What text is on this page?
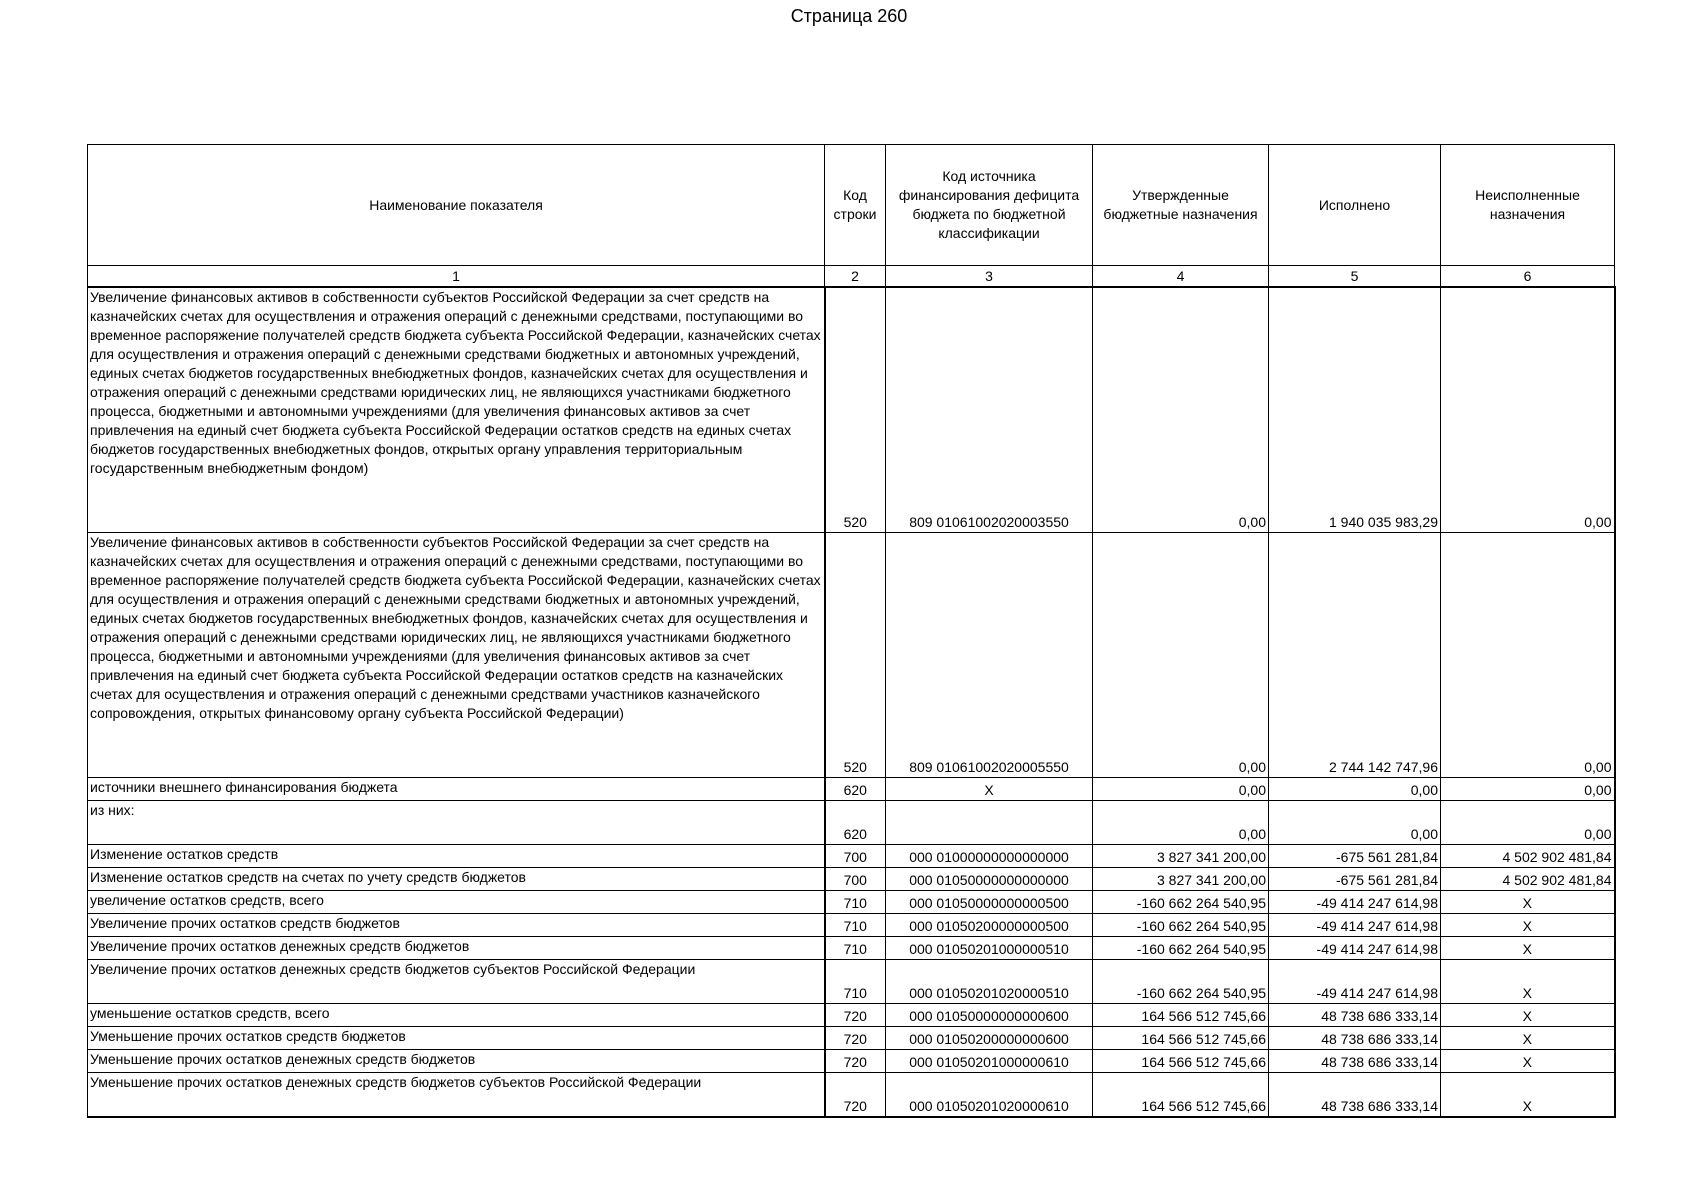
Страница 260
Наименование показателя	Код строки	Код источника финансирования дефицита бюджета по бюджетной классификации	Утвержденные бюджетные назначения	Исполнено	Неисполненные назначения
1	2	3	4	5	6
Увеличение финансовых активов в собственности субъектов Российской Федерации за счет средств на казначейских счетах для осуществления и отражения операций с денежными средствами, поступающими во временное распоряжение получателей средств бюджета субъекта Российской Федерации, казначейских счетах для осуществления и отражения операций с денежными средствами бюджетных и автономных учреждений, единых счетах бюджетов государственных внебюджетных фондов, казначейских счетах для осуществления и отражения операций с денежными средствами юридических лиц, не являющихся участниками бюджетного процесса, бюджетными и автономными учреждениями (для увеличения финансовых активов за счет привлечения на единый счет бюджета субъекта Российской Федерации остатков средств на единых счетах бюджетов государственных внебюджетных фондов, открытых органу управления территориальным государственным внебюджетным фондом)	520	809 01061002020003550	0,00	1 940 035 983,29	0,00
Увеличение финансовых активов в собственности субъектов Российской Федерации за счет средств на казначейских счетах для осуществления и отражения операций с денежными средствами, поступающими во временное распоряжение получателей средств бюджета субъекта Российской Федерации, казначейских счетах для осуществления и отражения операций с денежными средствами бюджетных и автономных учреждений, единых счетах бюджетов государственных внебюджетных фондов, казначейских счетах для осуществления и отражения операций с денежными средствами юридических лиц, не являющихся участниками бюджетного процесса, бюджетными и автономными учреждениями (для увеличения финансовых активов за счет привлечения на единый счет бюджета субъекта Российской Федерации остатков средств на казначейских счетах для осуществления и отражения операций с денежными средствами участников казначейского сопровождения, открытых финансовому органу субъекта Российской Федерации)	520	809 01061002020005550	0,00	2 744 142 747,96	0,00
источники внешнего финансирования бюджета	620	X	0,00	0,00	0,00
из них:	620		0,00	0,00	0,00
Изменение остатков средств	700	000 01000000000000000	3 827 341 200,00	-675 561 281,84	4 502 902 481,84
Изменение остатков средств на счетах по учету средств бюджетов	700	000 01050000000000000	3 827 341 200,00	-675 561 281,84	4 502 902 481,84
увеличение остатков средств, всего	710	000 01050000000000500	-160 662 264 540,95	-49 414 247 614,98	X
Увеличение прочих остатков средств бюджетов	710	000 01050200000000500	-160 662 264 540,95	-49 414 247 614,98	X
Увеличение прочих остатков денежных средств бюджетов	710	000 01050201000000510	-160 662 264 540,95	-49 414 247 614,98	X
Увеличение прочих остатков денежных средств бюджетов субъектов Российской Федерации	710	000 01050201020000510	-160 662 264 540,95	-49 414 247 614,98	X
уменьшение остатков средств, всего	720	000 01050000000000600	164 566 512 745,66	48 738 686 333,14	X
Уменьшение прочих остатков средств бюджетов	720	000 01050200000000600	164 566 512 745,66	48 738 686 333,14	X
Уменьшение прочих остатков денежных средств бюджетов	720	000 01050201000000610	164 566 512 745,66	48 738 686 333,14	X
Уменьшение прочих остатков денежных средств бюджетов субъектов Российской Федерации	720	000 01050201020000610	164 566 512 745,66	48 738 686 333,14	X
